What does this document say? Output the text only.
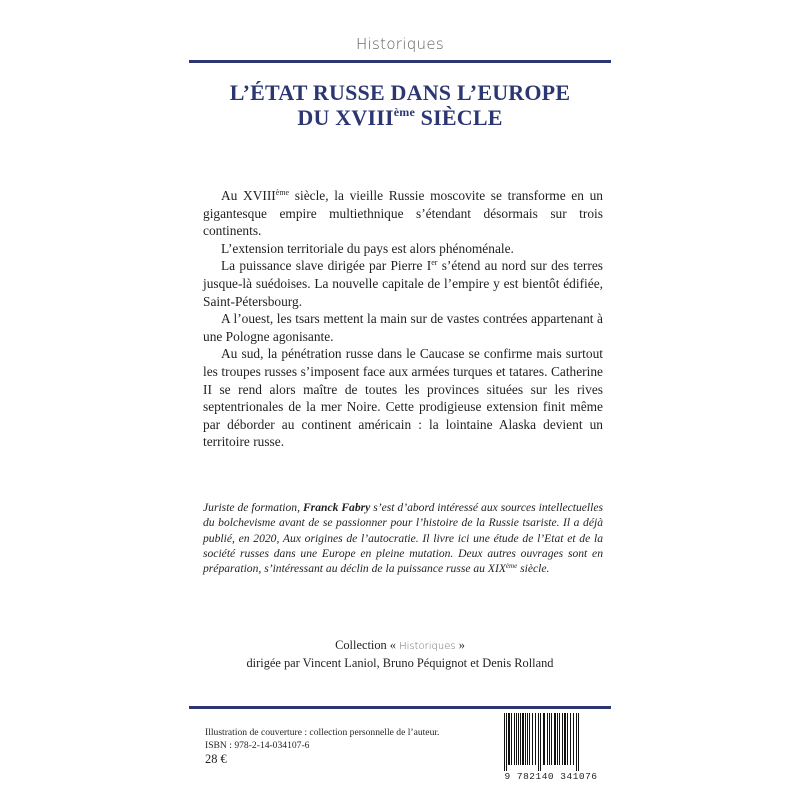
Historiques
L’ÉTAT RUSSE DANS L’EUROPE
DU XVIIIème SIÈCLE

Au XVIIIème siècle, la vieille Russie moscovite se transforme en un gigantesque empire multiethnique s’étendant désormais sur trois continents.

L’extension territoriale du pays est alors phénoménale.

La puissance slave dirigée par Pierre Ier s’étend au nord sur des terres jusque-là suédoises. La nouvelle capitale de l’empire y est bientôt édifiée, Saint-Pétersbourg.

A l’ouest, les tsars mettent la main sur de vastes contrées appartenant à une Pologne agonisante.

Au sud, la pénétration russe dans le Caucase se confirme mais surtout les troupes russes s’imposent face aux armées turques et tatares. Catherine II se rend alors maître de toutes les provinces situées sur les rives septentrionales de la mer Noire. Cette prodigieuse extension finit même par déborder au continent américain : la lointaine Alaska devient un territoire russe.

Juriste de formation, Franck Fabry s’est d’abord intéressé aux sources intellectuelles du bolchevisme avant de se passionner pour l’histoire de la Russie tsariste. Il a déjà publié, en 2020, Aux origines de l’autocratie. Il livre ici une étude de l’Etat et de la société russes dans une Europe en pleine mutation. Deux autres ouvrages sont en préparation, s’intéressant au déclin de la puissance russe au XIXème siècle.
Collection « Historiques »
dirigée par Vincent Laniol, Bruno Péquignot et Denis Rolland
Illustration de couverture : collection personnelle de l’auteur.
ISBN : 978-2-14-034107-6
28 €
9 782140 341076
